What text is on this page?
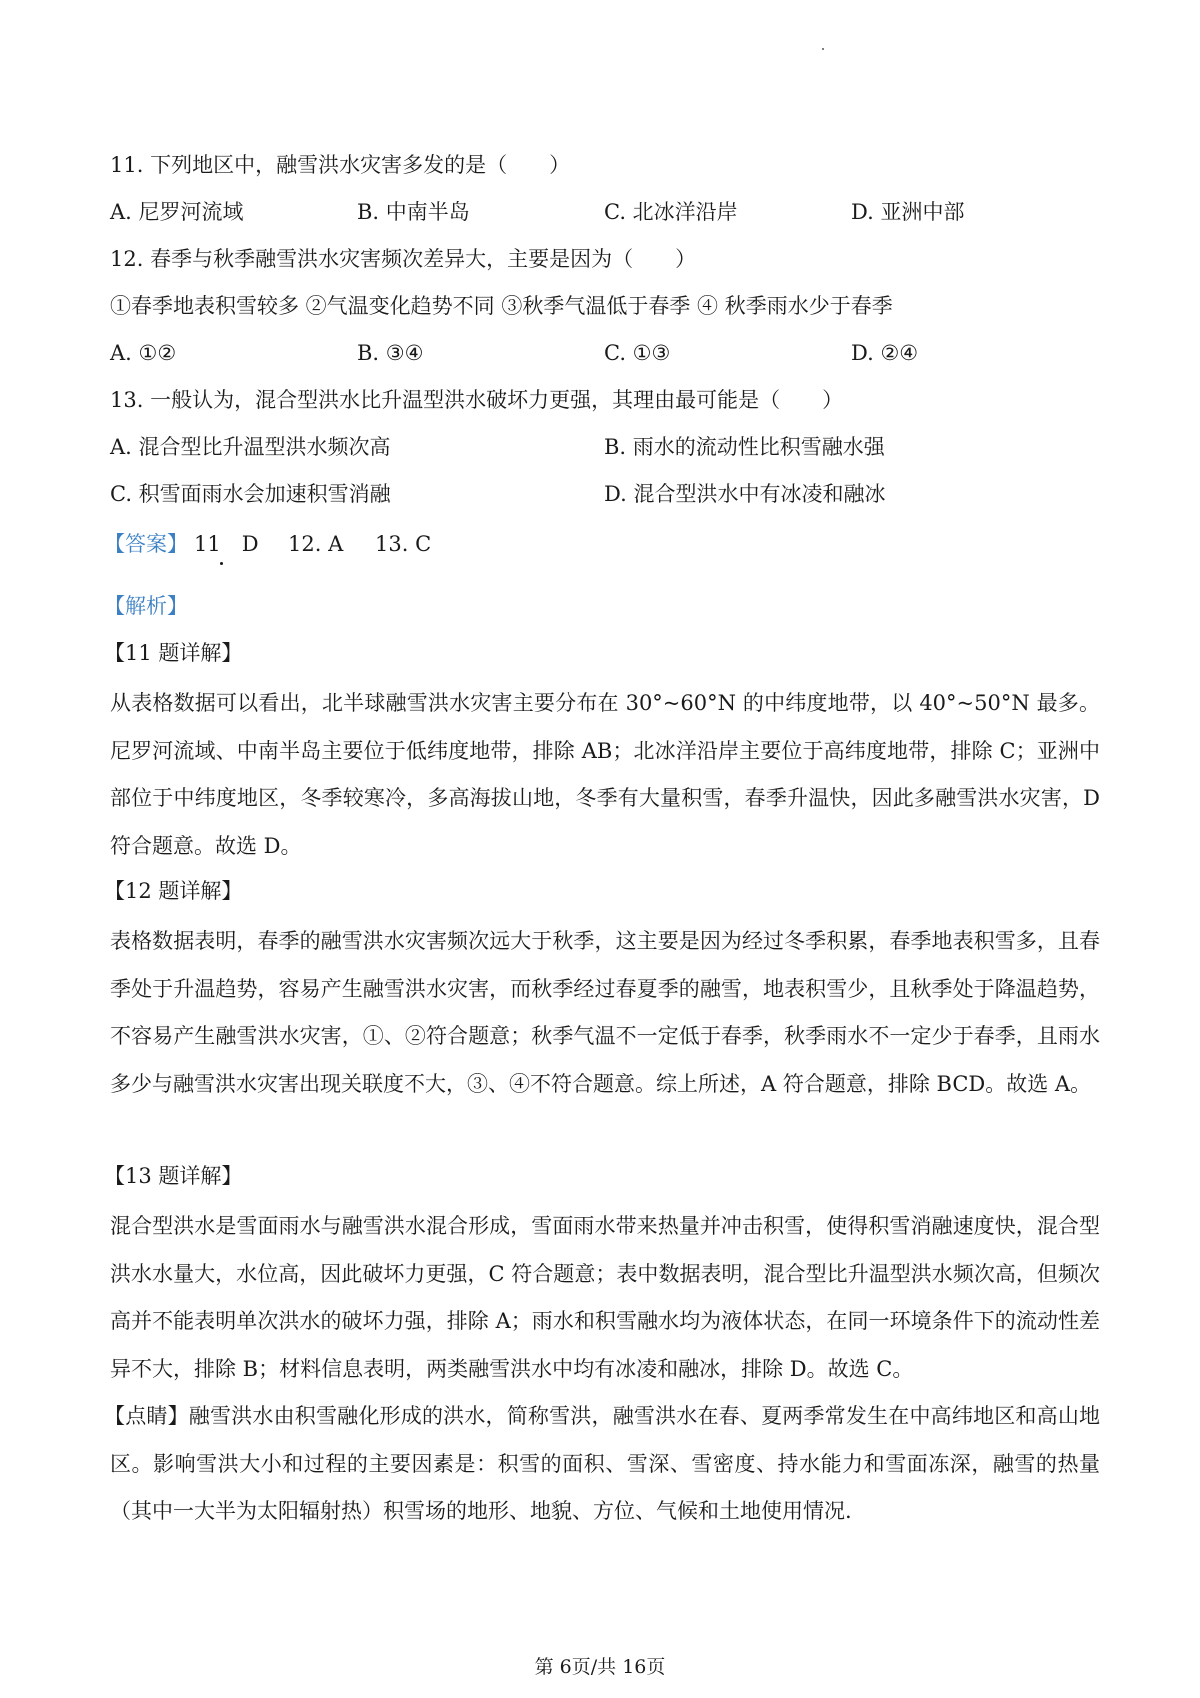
11. 下列地区中，融雪洪水灾害多发的是（　　）
A. 尼罗河流域	B. 中南半岛	C. 北冰洋沿岸	D. 亚洲中部
12. 春季与秋季融雪洪水灾害频次差异大，主要是因为（　　）
①春季地表积雪较多 ②气温变化趋势不同 ③秋季气温低于春季 ④ 秋季雨水少于春季
A. ①②	B. ③④	C. ①③	D. ②④
13. 一般认为，混合型洪水比升温型洪水破坏力更强，其理由最可能是（　　）
A. 混合型比升温型洪水频次高	B. 雨水的流动性比积雪融水强
C. 积雪面雨水会加速积雪消融	D. 混合型洪水中有冰凌和融冰
【答案】 11　D 12. A 13. C
【解析】
【11 题详解】

从表格数据可以看出，北半球融雪洪水灾害主要分布在 30°~60°N 的中纬度地带，以 40°~50°N 最多。尼罗河流域、中南半岛主要位于低纬度地带，排除 AB；北冰洋沿岸主要位于高纬度地带，排除 C；亚洲中部位于中纬度地区，冬季较寒冷，多高海拔山地，冬季有大量积雪，春季升温快，因此多融雪洪水灾害，D 符合题意。故选 D。

【12 题详解】

表格数据表明，春季的融雪洪水灾害频次远大于秋季，这主要是因为经过冬季积累，春季地表积雪多，且春季处于升温趋势，容易产生融雪洪水灾害，而秋季经过春夏季的融雪，地表积雪少，且秋季处于降温趋势，不容易产生融雪洪水灾害，①、②符合题意；秋季气温不一定低于春季，秋季雨水不一定少于春季，且雨水多少与融雪洪水灾害出现关联度不大，③、④不符合题意。综上所述，A 符合题意，排除 BCD。故选 A。

【13 题详解】

混合型洪水是雪面雨水与融雪洪水混合形成，雪面雨水带来热量并冲击积雪，使得积雪消融速度快，混合型洪水水量大，水位高，因此破坏力更强，C 符合题意；表中数据表明，混合型比升温型洪水频次高，但频次高并不能表明单次洪水的破坏力强，排除 A；雨水和积雪融水均为液体状态，在同一环境条件下的流动性差异不大，排除 B；材料信息表明，两类融雪洪水中均有冰凌和融冰，排除 D。故选 C。

【点睛】融雪洪水由积雪融化形成的洪水，简称雪洪，融雪洪水在春、夏两季常发生在中高纬地区和高山地区。影响雪洪大小和过程的主要因素是：积雪的面积、雪深、雪密度、持水能力和雪面冻深，融雪的热量（其中一大半为太阳辐射热）积雪场的地形、地貌、方位、气候和土地使用情况.

第 6页/共 16页
